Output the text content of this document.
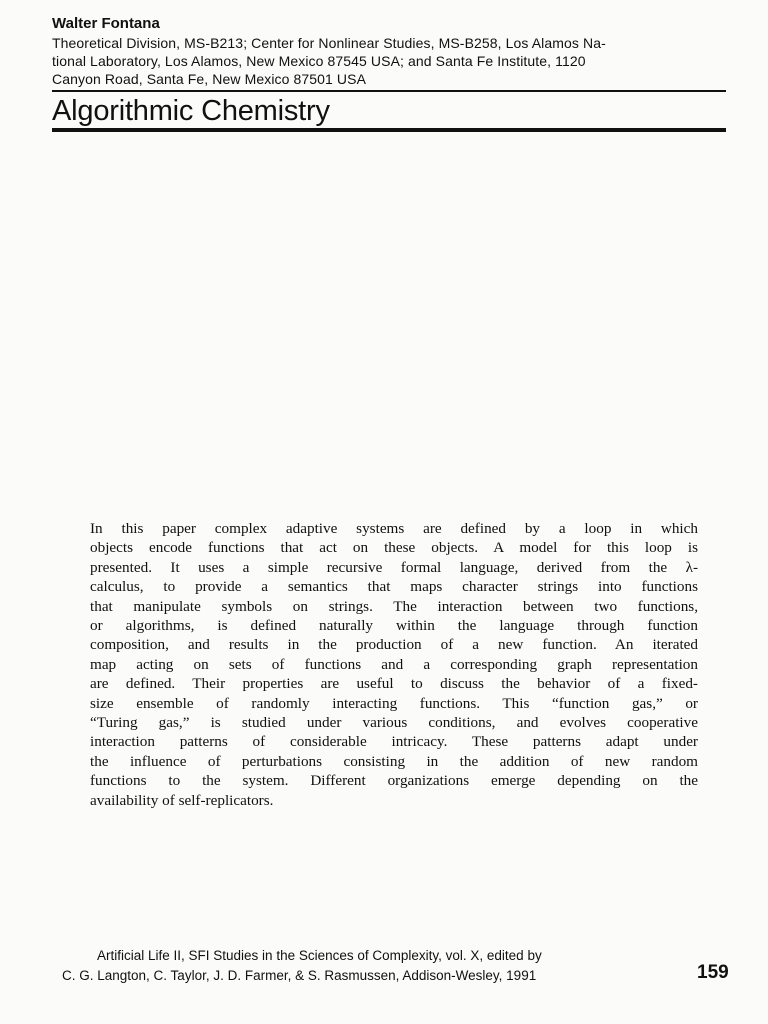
Walter Fontana

Theoretical Division, MS-B213; Center for Nonlinear Studies, MS-B258, Los Alamos Na-
tional Laboratory, Los Alamos, New Mexico 87545 USA; and Santa Fe Institute, 1120
Canyon Road, Santa Fe, New Mexico 87501 USA

Algorithmic Chemistry

In this paper complex adaptive systems are defined by a loop in which
objects encode functions that act on these objects. A model for this loop is
presented. It uses a simple recursive formal language, derived from the λ-
calculus, to provide a semantics that maps character strings into functions
that manipulate symbols on strings. The interaction between two functions,
or algorithms, is defined naturally within the language through function
composition, and results in the production of a new function. An iterated
map acting on sets of functions and a corresponding graph representation
are defined. Their properties are useful to discuss the behavior of a fixed-
size ensemble of randomly interacting functions. This “function gas,” or
“Turing gas,” is studied under various conditions, and evolves cooperative
interaction patterns of considerable intricacy. These patterns adapt under
the influence of perturbations consisting in the addition of new random
functions to the system. Different organizations emerge depending on the
availability of self-replicators.

Artificial Life II, SFI Studies in the Sciences of Complexity, vol. X, edited by
C. G. Langton, C. Taylor, J. D. Farmer, & S. Rasmussen, Addison-Wesley, 1991	159
